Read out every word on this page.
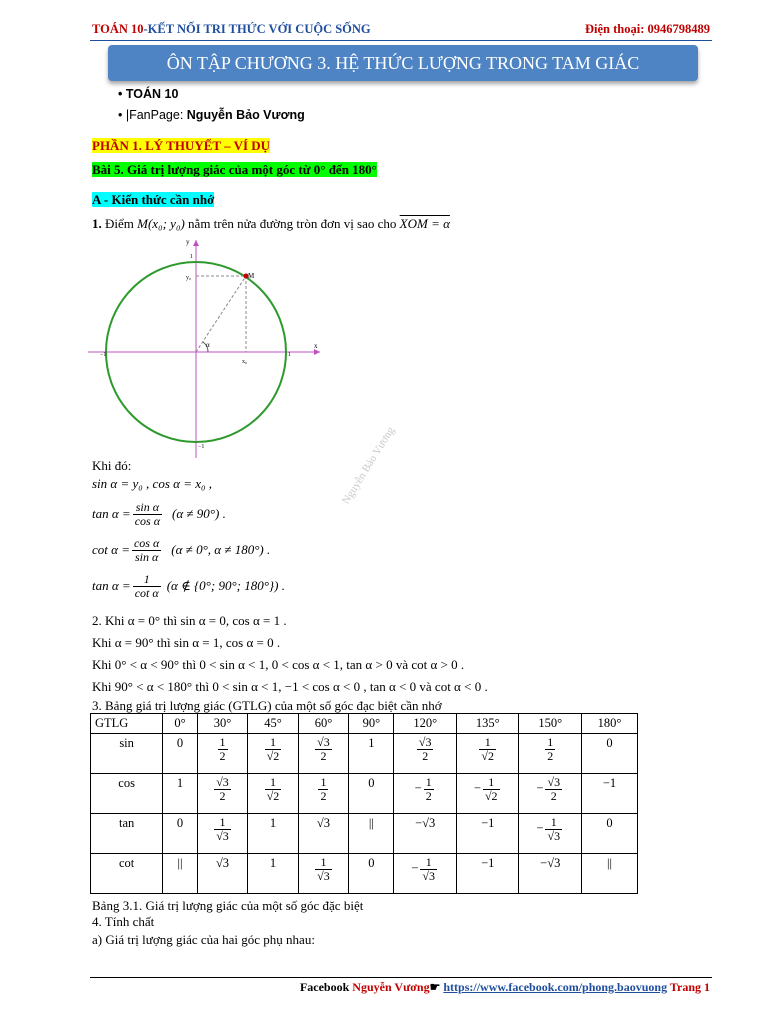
TOÁN 10-KẾT NỐI TRI THỨC VỚI CUỘC SỐNG	Điện thoại: 0946798489
ÔN TẬP CHƯƠNG 3. HỆ THỨC LƯỢNG TRONG TAM GIÁC
• TOÁN 10
• |FanPage: Nguyễn Bảo Vương
PHẦN 1. LÝ THUYẾT – VÍ DỤ
Bài 5. Giá trị lượng giác của một góc từ 0° đến 180°
A - Kiến thức cần nhớ
1. Điểm M(x₀; y₀) nằm trên nửa đường tròn đơn vị sao cho XOM = α
M
y
x
1
−1
−1	1
y₀
x₀
α
Khi đó:
sin α = y₀ , cos α = x₀ ,
$\tan \alpha = \frac{\text{sin α}}{\text{cos α}} (\alpha \ne 90^\circ)$ .
$\cot \alpha = \frac{\text{cos α}}{\text{sin α}} (\alpha \ne 0^\circ$, α ≠ 180°) .
$\tan \alpha = \frac{1}{\text{cot α}} (\alpha$ ∉ {0°; 90°; 180°}) .
2. Khi α = 0° thì sin α = 0, cos α = 1 .
Khi α = 90° thì sin α = 1, cos α = 0 .
Khi 0° < α < 90° thì 0 < sin α < 1, 0 < cos α < 1, tan α > 0 và cot α > 0 .
Khi 90° < α < 180° thì 0 < sin α < 1, −1 < cos α < 0 , tan α < 0 và cot α < 0 .
3. Bảng giá trị lượng giác (GTLG) của một số góc đạc biệt cần nhớ
GTLG	0°	30°	45°	60°	90°	120°	135°	150°	180°
sin	0	$\frac{1}{2}$	$\frac{1}{√2}$	$\frac{√3}{2}$	1	$\frac{√3}{2}$	$\frac{1}{√2}$	$\frac{1}{2}$	0
cos	1	$\frac{√3}{2}$	$\frac{1}{√2}$	$\frac{1}{2}$	0	− $\frac{1}{2}$	− $\frac{1}{√2}$	− $\frac{√3}{2}$	−1
tan	0	$\frac{1}{√3}$	1	√3	||	−√3	−1	− $\frac{1}{√3}$	0
cot	||	√3	1	$\frac{1}{√3}$	0	− $\frac{1}{√3}$	−1	−√3	||
Bảng 3.1. Giá trị lượng giác của một số góc đặc biệt
4. Tính chất
a) Giá trị lượng giác của hai góc phụ nhau:
Nguyễn Bảo Vương
Facebook Nguyễn Vương☛ https://www.facebook.com/phong.baovuong Trang 1
